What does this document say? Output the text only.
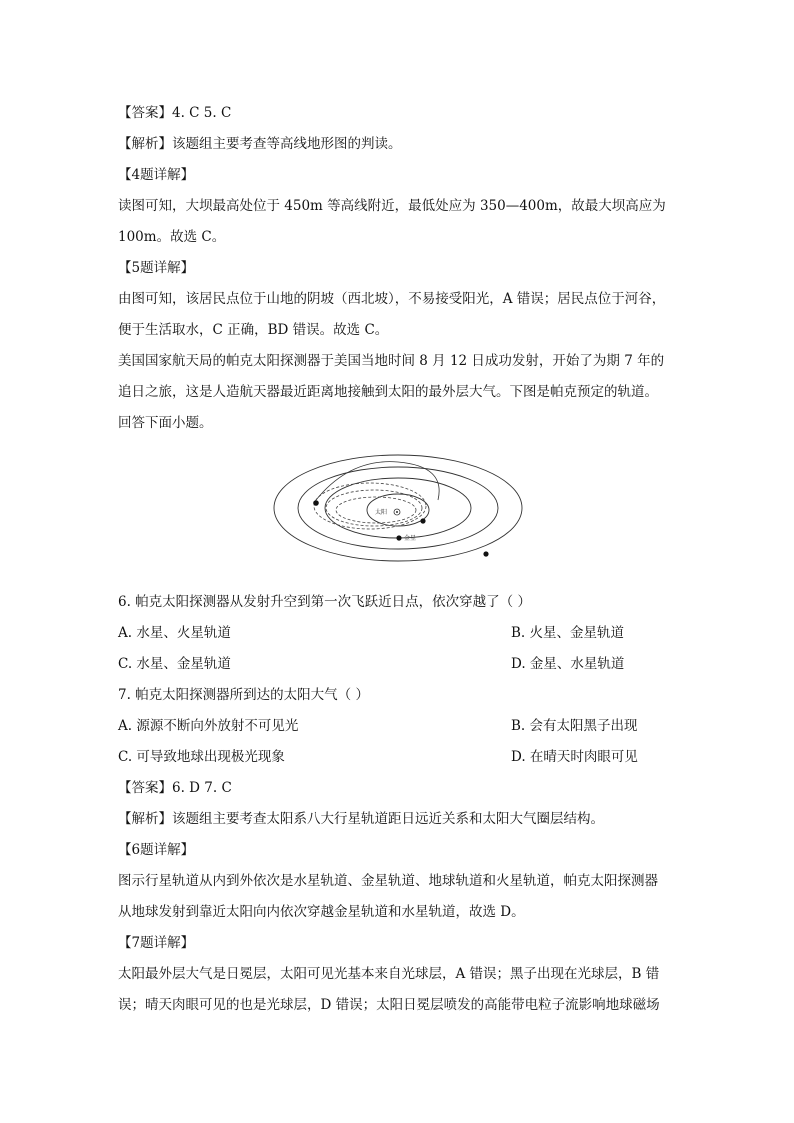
【答案】4. C 5. C
【解析】该题组主要考查等高线地形图的判读。
【4题详解】
读图可知，大坝最高处位于 450m 等高线附近，最低处应为 350—400m，故最大坝高应为
100m。故选 C。
【5题详解】
由图可知，该居民点位于山地的阴坡（西北坡），不易接受阳光，A 错误；居民点位于河谷，
便于生活取水，C 正确，BD 错误。故选 C。
美国国家航天局的帕克太阳探测器于美国当地时间 8 月 12 日成功发射，开始了为期 7 年的
追日之旅，这是人造航天器最近距离地接触到太阳的最外层大气。下图是帕克预定的轨道。
回答下面小题。
太阳
金星
6. 帕克太阳探测器从发射升空到第一次飞跃近日点，依次穿越了（ ）
A. 水星、火星轨道	B. 火星、金星轨道
C. 水星、金星轨道	D. 金星、水星轨道
7. 帕克太阳探测器所到达的太阳大气（ ）
A. 源源不断向外放射不可见光	B. 会有太阳黑子出现
C. 可导致地球出现极光现象	D. 在晴天时肉眼可见
【答案】6. D 7. C
【解析】该题组主要考查太阳系八大行星轨道距日远近关系和太阳大气圈层结构。
【6题详解】
图示行星轨道从内到外依次是水星轨道、金星轨道、地球轨道和火星轨道，帕克太阳探测器
从地球发射到靠近太阳向内依次穿越金星轨道和水星轨道，故选 D。
【7题详解】
太阳最外层大气是日冕层，太阳可见光基本来自光球层，A 错误；黑子出现在光球层，B 错
误；晴天肉眼可见的也是光球层，D 错误；太阳日冕层喷发的高能带电粒子流影响地球磁场
